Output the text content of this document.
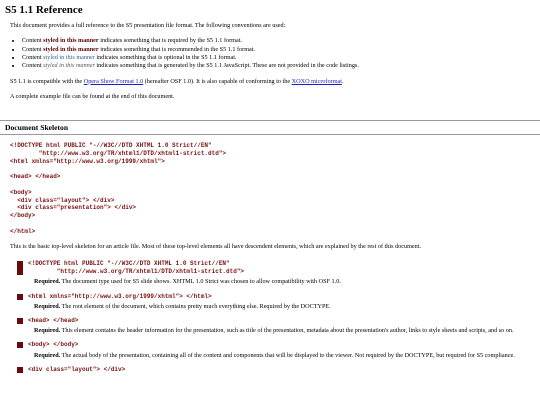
S5 1.1 Reference

This document provides a full reference to the S5 presentation file format. The following conventions are used:

• Content styled in this manner indicates something that is required by the S5 1.1 format.
• Content styled in this manner indicates something that is recommended in the S5 1.1 format.
• Content styled in this manner indicates something that is optional in the S5 1.1 format.
• Content styled in this manner indicates something that is generated by the S5 1.1 JavaScript. These are not provided in the code listings.

S5 1.1 is compatible with the Opera Show Format 1.0 (hereafter OSF 1.0). It is also capable of conforming to the XOXO microformat.

A complete example file can be found at the end of this document.

Document Skeleton
<!DOCTYPE html PUBLIC "-//W3C//DTD XHTML 1.0 Strict//EN"
"http://www.w3.org/TR/xhtml1/DTD/xhtml1-strict.dtd">
<html xmlns="http://www.w3.org/1999/xhtml">

<head> </head>

<body>
<div class="layout"> </div>
<div class="presentation"> </div>
</body>

</html>

This is the basic top-level skeleton for an article file. Most of these top-level elements all have descendent elements, which are explained by the rest of this document.

<!DOCTYPE html PUBLIC "-//W3C//DTD XHTML 1.0 Strict//EN"
"http://www.w3.org/TR/xhtml1/DTD/xhtml1-strict.dtd">

Required. The document type used for S5 slide shows. XHTML 1.0 Strict was chosen to allow compatibility with OSF 1.0.

<html xmlns="http://www.w3.org/1999/xhtml"> </html>

Required. The root element of the document, which contains pretty much everything else. Required by the DOCTYPE.

<head> </head>

Required. This element contains the header information for the presentation, such as title of the presentation, metadata about the presentation's author, links to style sheets and scripts, and so on.

<body> </body>

Required. The actual body of the presentation, containing all of the content and components that will be displayed to the viewer. Not required by the DOCTYPE, but required for S5 compliance.

<div class="layout"> </div>
